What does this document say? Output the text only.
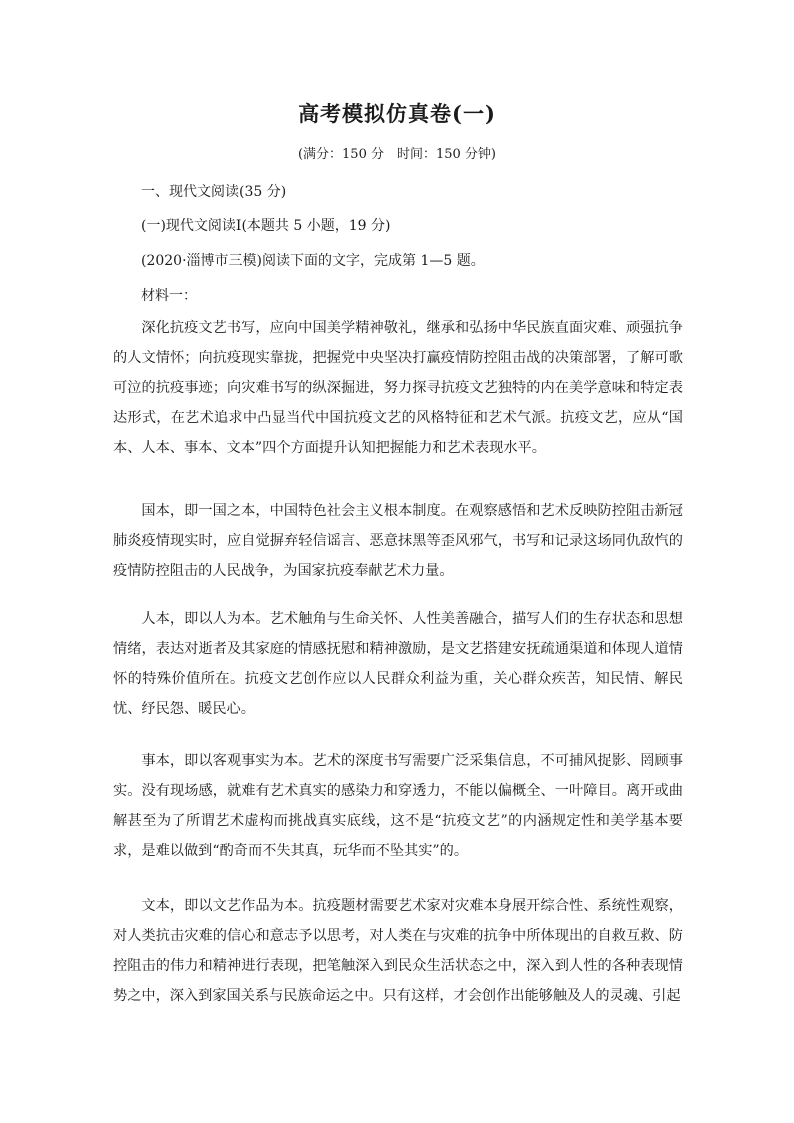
高考模拟仿真卷(一)

(满分：150 分　时间：150 分钟)

一、现代文阅读(35 分)

(一)现代文阅读Ⅰ(本题共 5 小题，19 分)

(2020·淄博市三模)阅读下面的文字，完成第 1—5 题。

材料一：

深化抗疫文艺书写，应向中国美学精神敬礼，继承和弘扬中华民族直面灾难、顽强抗争的人文情怀；向抗疫现实靠拢，把握党中央坚决打赢疫情防控阻击战的决策部署，了解可歌可泣的抗疫事迹；向灾难书写的纵深掘进，努力探寻抗疫文艺独特的内在美学意味和特定表达形式，在艺术追求中凸显当代中国抗疫文艺的风格特征和艺术气派。抗疫文艺，应从“国本、人本、事本、文本”四个方面提升认知把握能力和艺术表现水平。

国本，即一国之本，中国特色社会主义根本制度。在观察感悟和艺术反映防控阻击新冠肺炎疫情现实时，应自觉摒弃轻信谣言、恶意抹黑等歪风邪气，书写和记录这场同仇敌忾的疫情防控阻击的人民战争，为国家抗疫奉献艺术力量。

人本，即以人为本。艺术触角与生命关怀、人性美善融合，描写人们的生存状态和思想情绪，表达对逝者及其家庭的情感抚慰和精神激励，是文艺搭建安抚疏通渠道和体现人道情怀的特殊价值所在。抗疫文艺创作应以人民群众利益为重，关心群众疾苦，知民情、解民忧、纾民怨、暖民心。

事本，即以客观事实为本。艺术的深度书写需要广泛采集信息，不可捕风捉影、罔顾事实。没有现场感，就难有艺术真实的感染力和穿透力，不能以偏概全、一叶障目。离开或曲解甚至为了所谓艺术虚构而挑战真实底线，这不是“抗疫文艺”的内涵规定性和美学基本要求，是难以做到“酌奇而不失其真，玩华而不坠其实”的。

文本，即以文艺作品为本。抗疫题材需要艺术家对灾难本身展开综合性、系统性观察，对人类抗击灾难的信心和意志予以思考，对人类在与灾难的抗争中所体现出的自救互救、防控阻击的伟力和精神进行表现，把笔触深入到民众生活状态之中，深入到人性的各种表现情势之中，深入到家国关系与民族命运之中。只有这样，才会创作出能够触及人的灵魂、引起
